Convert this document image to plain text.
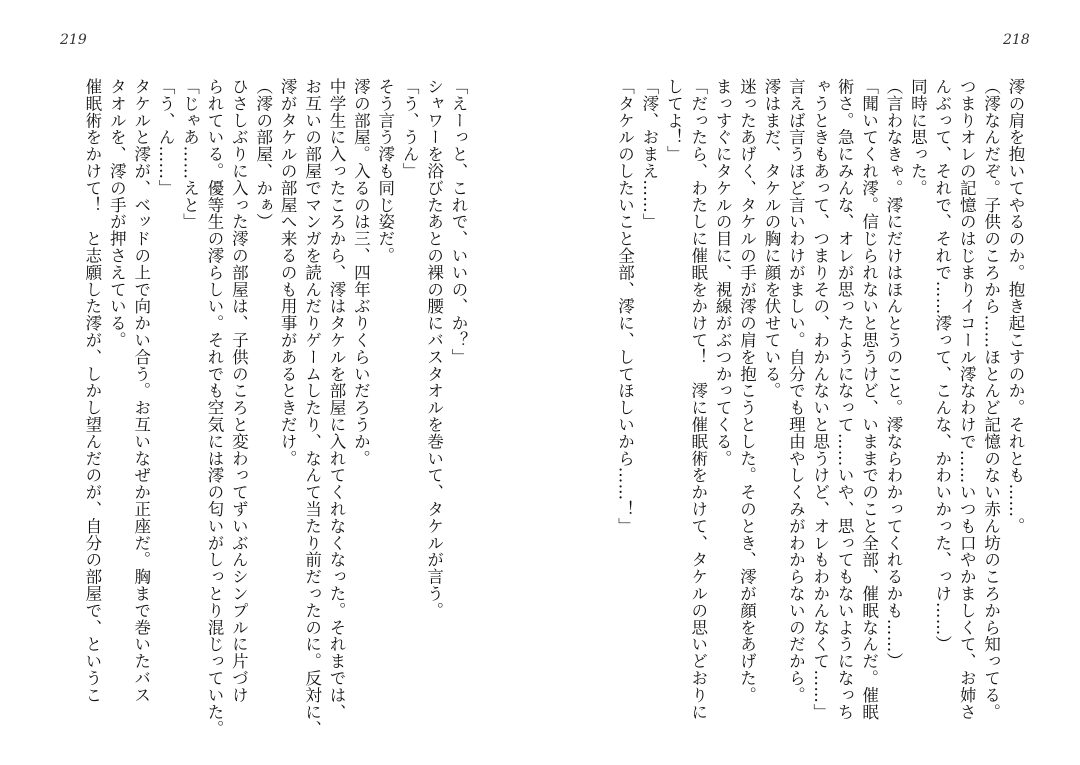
219	218

澪の肩を抱いてやるのか。抱き起こすのか。それとも……。

（澪なんだぞ。子供のころから……ほとんど記憶のない赤ん坊のころから知ってる。

つまりオレの記憶のはじまりイコール澪なわけで……いつも口やかましくて、お姉さ

んぶって、それで、それで……澪って、こんな、かわいかった、っけ……）

同時に思った。

（言わなきゃ。澪にだけはほんとうのこと。澪ならわかってくれるかも……）

「聞いてくれ澪。信じられないと思うけど、いままでのこと全部、催眠なんだ。催眠

術さ。急にみんな、オレが思ったようになって……いや、思ってもないようになっち

ゃうときもあって、つまりその、わかんないと思うけど、オレもわかんなくて……」

言えば言うほど言いわけがましい。自分でも理由やしくみがわからないのだから。

澪はまだ、タケルの胸に顔を伏せている。

迷ったあげく、タケルの手が澪の肩を抱こうとした。そのとき、澪が顔をあげた。

まっすぐにタケルの目に、視線がぶつかってくる。

「だったら、わたしに催眠をかけて！　澪に催眠術をかけて、タケルの思いどおりに

してよ！」

「澪、おまえ……」

「タケルのしたいこと全部、澪に、してほしいから……！」

「えーっと、これで、いいの、か？」

シャワーを浴びたあとの裸の腰にバスタオルを巻いて、タケルが言う。

「う、うん」

そう言う澪も同じ姿だ。

澪の部屋。入るのは三、四年ぶりくらいだろうか。

中学生に入ったころから、澪はタケルを部屋に入れてくれなくなった。それまでは、

お互いの部屋でマンガを読んだりゲームしたり、なんて当たり前だったのに。反対に、

澪がタケルの部屋へ来るのも用事があるときだけ。

（澪の部屋、かぁ）

ひさしぶりに入った澪の部屋は、子供のころと変わってずいぶんシンプルに片づけ

られている。優等生の澪らしい。それでも空気には澪の匂いがしっとり混じっていた。

「じゃあ……えと」

「う、ん……」

タケルと澪が、ベッドの上で向かい合う。お互いなぜか正座だ。胸まで巻いたバス

タオルを、澪の手が押さえている。

催眠術をかけて！　と志願した澪が、しかし望んだのが、自分の部屋で、というこ
